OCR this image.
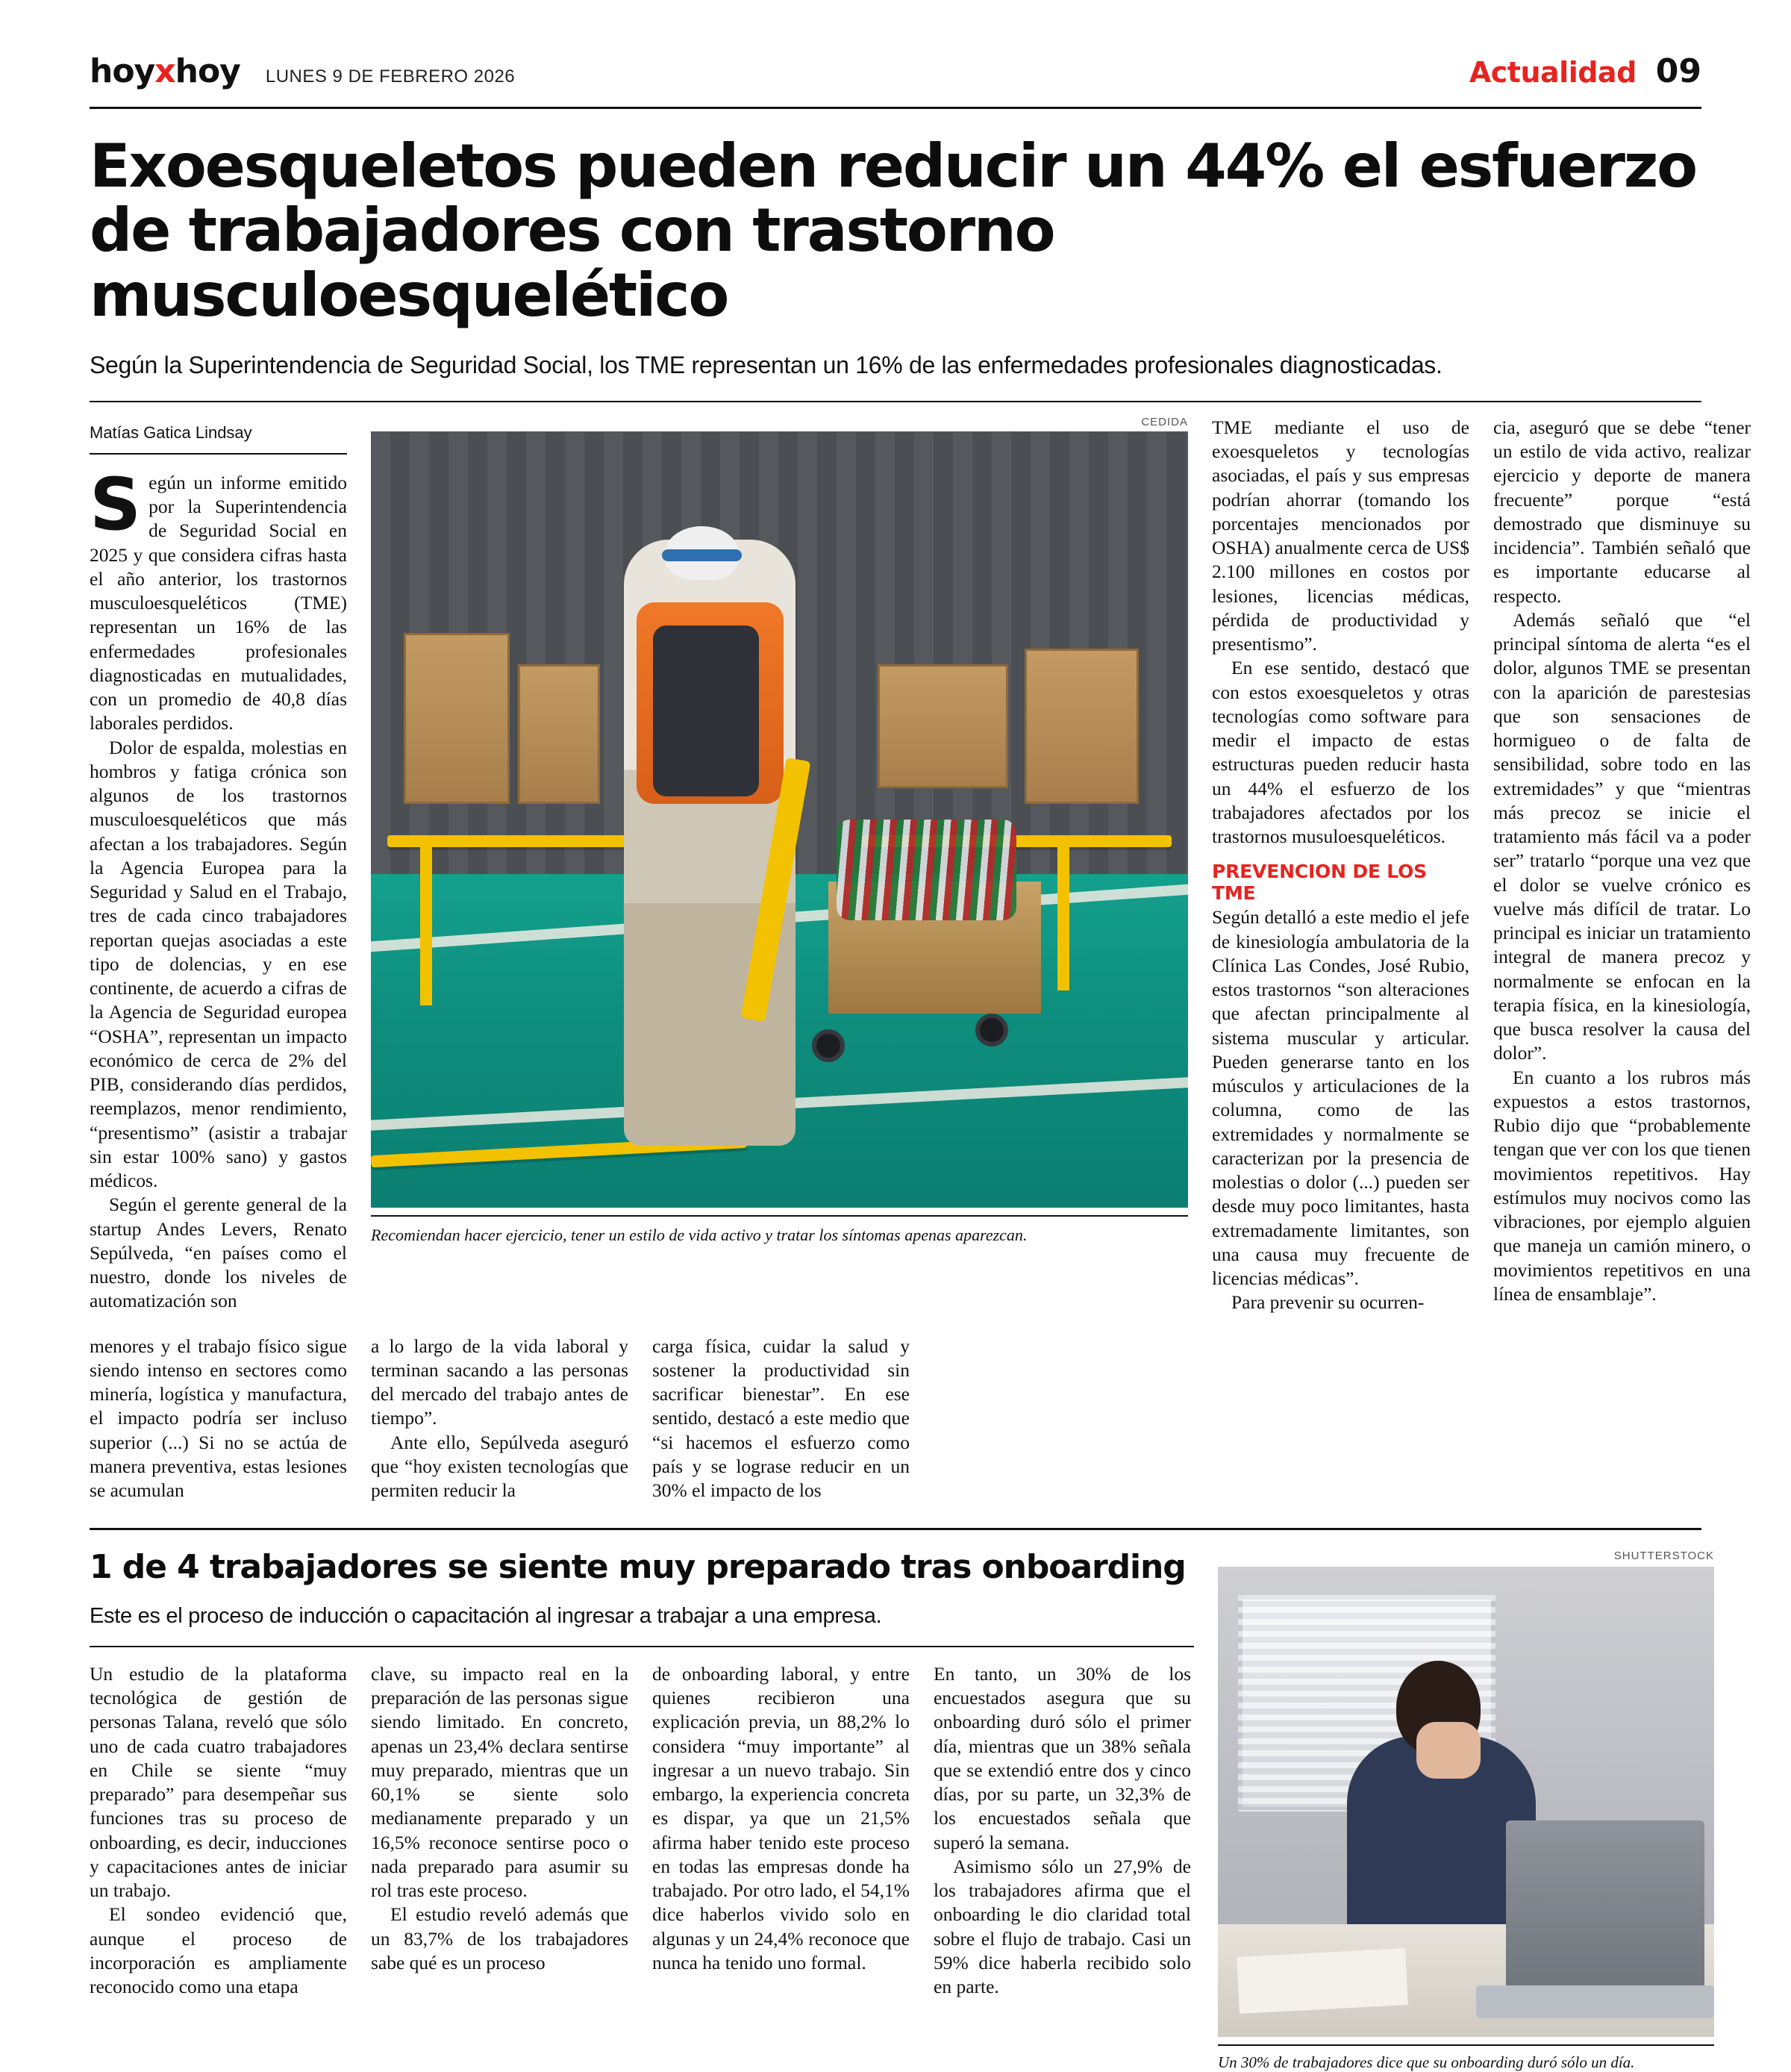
hoyxhoy LUNES 9 DE FEBRERO 2026	Actualidad 09
Exoesqueletos pueden reducir un 44% el esfuerzo de trabajadores con trastorno musculoesquelético
Según la Superintendencia de Seguridad Social, los TME representan un 16% de las enfermedades profesionales diagnosticadas.
Matías Gatica Lindsay

Según un informe emitido por la Superintendencia de Seguridad Social en 2025 y que considera cifras hasta el año anterior, los trastornos musculoesqueléticos (TME) representan un 16% de las enfermedades profesionales diagnosticadas en mutualidades, con un promedio de 40,8 días laborales perdidos.

Dolor de espalda, molestias en hombros y fatiga crónica son algunos de los trastornos musculoesqueléticos que más afectan a los trabajadores. Según la Agencia Europea para la Seguridad y Salud en el Trabajo, tres de cada cinco trabajadores reportan quejas asociadas a este tipo de dolencias, y en ese continente, de acuerdo a cifras de la Agencia de Seguridad europea “OSHA”, representan un impacto económico de cerca de 2% del PIB, considerando días perdidos, reemplazos, menor rendimiento, “presentismo” (asistir a trabajar sin estar 100% sano) y gastos médicos.

Según el gerente general de la startup Andes Levers, Renato Sepúlveda, “en países como el nuestro, donde los niveles de automatización son

CEDIDA
Recomiendan hacer ejercicio, tener un estilo de vida activo y tratar los síntomas apenas aparezcan.

TME mediante el uso de exoesqueletos y tecnologías asociadas, el país y sus empresas podrían ahorrar (tomando los porcentajes mencionados por OSHA) anualmente cerca de US$ 2.100 millones en costos por lesiones, licencias médicas, pérdida de productividad y presentismo”.

En ese sentido, destacó que con estos exoesqueletos y otras tecnologías como software para medir el impacto de estas estructuras pueden reducir hasta un 44% el esfuerzo de los trabajadores afectados por los trastornos musuloesqueléticos.

PREVENCION DE LOS TME

Según detalló a este medio el jefe de kinesiología ambulatoria de la Clínica Las Condes, José Rubio, estos trastornos “son alteraciones que afectan principalmente al sistema muscular y articular. Pueden generarse tanto en los músculos y articulaciones de la columna, como de las extremidades y normalmente se caracterizan por la presencia de molestias o dolor (...) pueden ser desde muy poco limitantes, hasta extremadamente limitantes, son una causa muy frecuente de licencias médicas”.

Para prevenir su ocurren-

cia, aseguró que se debe “tener un estilo de vida activo, realizar ejercicio y deporte de manera frecuente” porque “está demostrado que disminuye su incidencia”. También señaló que es importante educarse al respecto.

Además señaló que “el principal síntoma de alerta “es el dolor, algunos TME se presentan con la aparición de parestesias que son sensaciones de hormigueo o de falta de sensibilidad, sobre todo en las extremidades” y que “mientras más precoz se inicie el tratamiento más fácil va a poder ser” tratarlo “porque una vez que el dolor se vuelve crónico es vuelve más difícil de tratar. Lo principal es iniciar un tratamiento integral de manera precoz y normalmente se enfocan en la terapia física, en la kinesiología, que busca resolver la causa del dolor”.

En cuanto a los rubros más expuestos a estos trastornos, Rubio dijo que “probablemente tengan que ver con los que tienen movimientos repetitivos. Hay estímulos muy nocivos como las vibraciones, por ejemplo alguien que maneja un camión minero, o movimientos repetitivos en una línea de ensamblaje”.

menores y el trabajo físico sigue siendo intenso en sectores como minería, logística y manufactura, el impacto podría ser incluso superior (...) Si no se actúa de manera preventiva, estas lesiones se acumulan

a lo largo de la vida laboral y terminan sacando a las personas del mercado del trabajo antes de tiempo”.

Ante ello, Sepúlveda aseguró que “hoy existen tecnologías que permiten reducir la

carga física, cuidar la salud y sostener la productividad sin sacrificar bienestar”. En ese sentido, destacó a este medio que “si hacemos el esfuerzo como país y se lograse reducir en un 30% el impacto de los

1 de 4 trabajadores se siente muy preparado tras onboarding
Este es el proceso de inducción o capacitación al ingresar a trabajar a una empresa.

Un estudio de la plataforma tecnológica de gestión de personas Talana, reveló que sólo uno de cada cuatro trabajadores en Chile se siente “muy preparado” para desempeñar sus funciones tras su proceso de onboarding, es decir, inducciones y capacitaciones antes de iniciar un trabajo.

El sondeo evidenció que, aunque el proceso de incorporación es ampliamente reconocido como una etapa

clave, su impacto real en la preparación de las personas sigue siendo limitado. En concreto, apenas un 23,4% declara sentirse muy preparado, mientras que un 60,1% se siente solo medianamente preparado y un 16,5% reconoce sentirse poco o nada preparado para asumir su rol tras este proceso.

El estudio reveló además que un 83,7% de los trabajadores sabe qué es un proceso

de onboarding laboral, y entre quienes recibieron una explicación previa, un 88,2% lo considera “muy importante” al ingresar a un nuevo trabajo. Sin embargo, la experiencia concreta es dispar, ya que un 21,5% afirma haber tenido este proceso en todas las empresas donde ha trabajado. Por otro lado, el 54,1% dice haberlos vivido solo en algunas y un 24,4% reconoce que nunca ha tenido uno formal.

En tanto, un 30% de los encuestados asegura que su onboarding duró sólo el primer día, mientras que un 38% señala que se extendió entre dos y cinco días, por su parte, un 32,3% de los encuestados señala que superó la semana.

Asimismo sólo un 27,9% de los trabajadores afirma que el onboarding le dio claridad total sobre el flujo de trabajo. Casi un 59% dice haberla recibido solo en parte.

SHUTTERSTOCK
Un 30% de trabajadores dice que su onboarding duró sólo un día.
